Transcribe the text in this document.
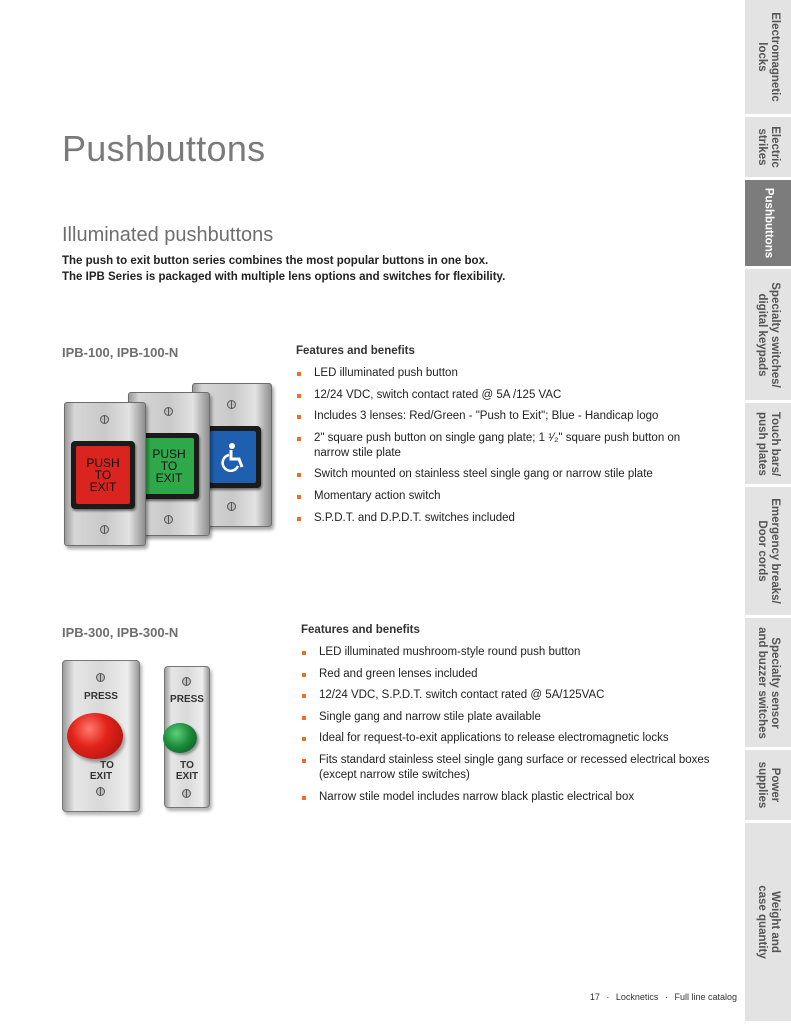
Pushbuttons
Illuminated pushbuttons
The push to exit button series combines the most popular buttons in one box.
The IPB Series is packaged with multiple lens options and switches for flexibility.
IPB-100, IPB-100-N	Features and benefits
LED illuminated push button
12/24 VDC, switch contact rated @ 5A /125 VAC
Includes 3 lenses: Red/Green - "Push to Exit"; Blue - Handicap logo
2" square push button on single gang plate; 1 ¹⁄₂" square push button on narrow stile plate
Switch mounted on stainless steel single gang or narrow stile plate
Momentary action switch
S.P.D.T. and D.P.D.T. switches included
PUSH
TO
EXIT
PUSH
TO
EXIT
IPB-300, IPB-300-N	Features and benefits
LED illuminated mushroom-style round push button
Red and green lenses included
12/24 VDC, S.P.D.T. switch contact rated @ 5A/125VAC
Single gang and narrow stile plate available
Ideal for request-to-exit applications to release electromagnetic locks
Fits standard stainless steel single gang surface or recessed electrical boxes (except narrow stile switches)
Narrow stile model includes narrow black plastic electrical box
PRESS
TO
EXIT
PRESS
TO
EXIT
Electromagnetic
locks
Electric
strikes
Pushbuttons
Specialty switches/
digital keypads
Touch bars/
push plates
Emergency breaks/
Door cords
Specialty sensor
and buzzer switches
Power
supplies
Weight and
case quantity
17 · Locknetics · Full line catalog
